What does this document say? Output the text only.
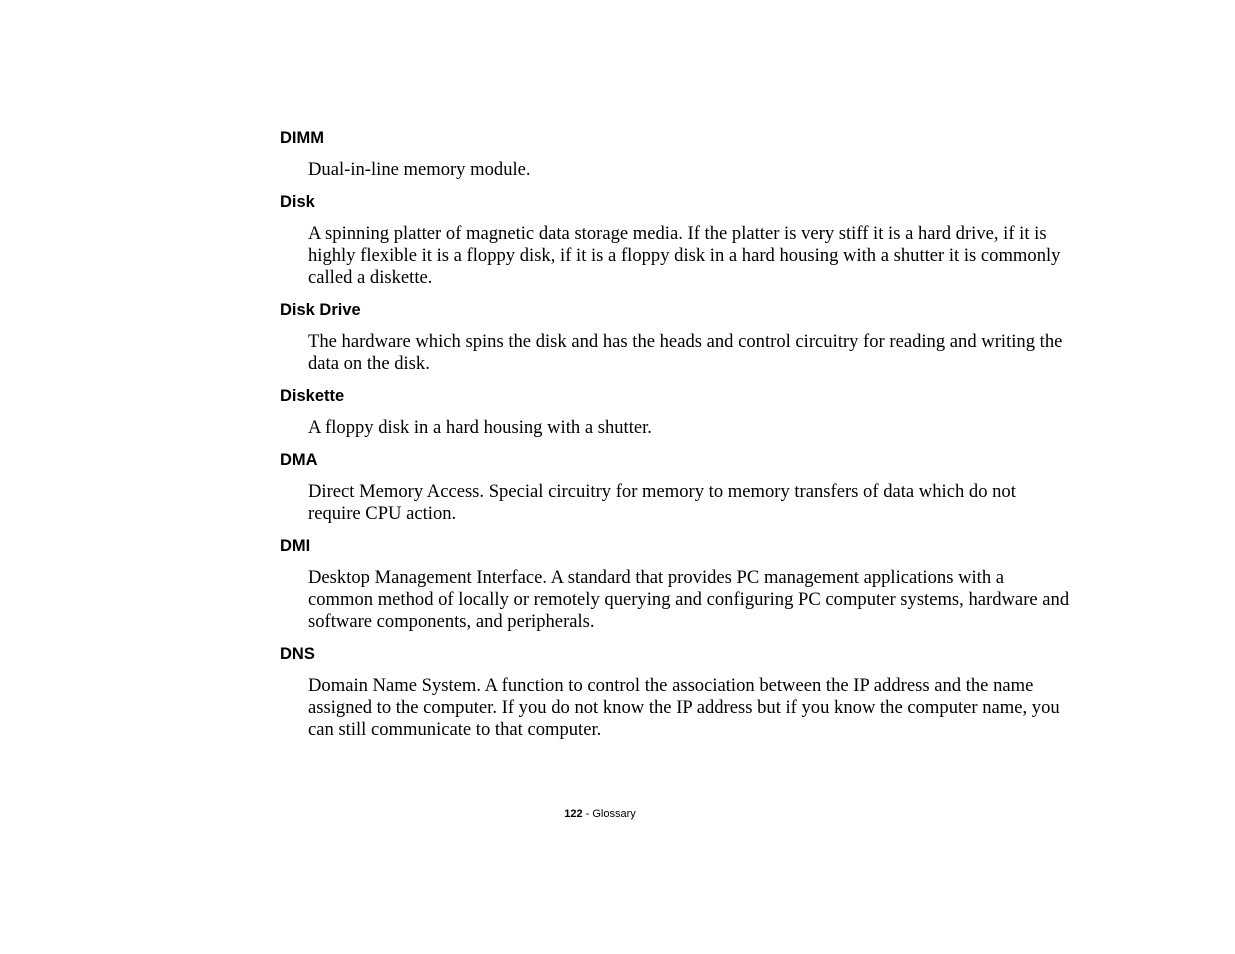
DIMM
Dual-in-line memory module.
Disk
A spinning platter of magnetic data storage media. If the platter is very stiff it is a hard drive, if it is highly flexible it is a floppy disk, if it is a floppy disk in a hard housing with a shutter it is commonly called a diskette.
Disk Drive
The hardware which spins the disk and has the heads and control circuitry for reading and writing the data on the disk.
Diskette
A floppy disk in a hard housing with a shutter.
DMA
Direct Memory Access. Special circuitry for memory to memory transfers of data which do not require CPU action.
DMI
Desktop Management Interface. A standard that provides PC management applications with a common method of locally or remotely querying and configuring PC computer systems, hardware and software components, and peripherals.
DNS
Domain Name System. A function to control the association between the IP address and the name assigned to the computer. If you do not know the IP address but if you know the computer name, you can still communicate to that computer.
122 - Glossary
